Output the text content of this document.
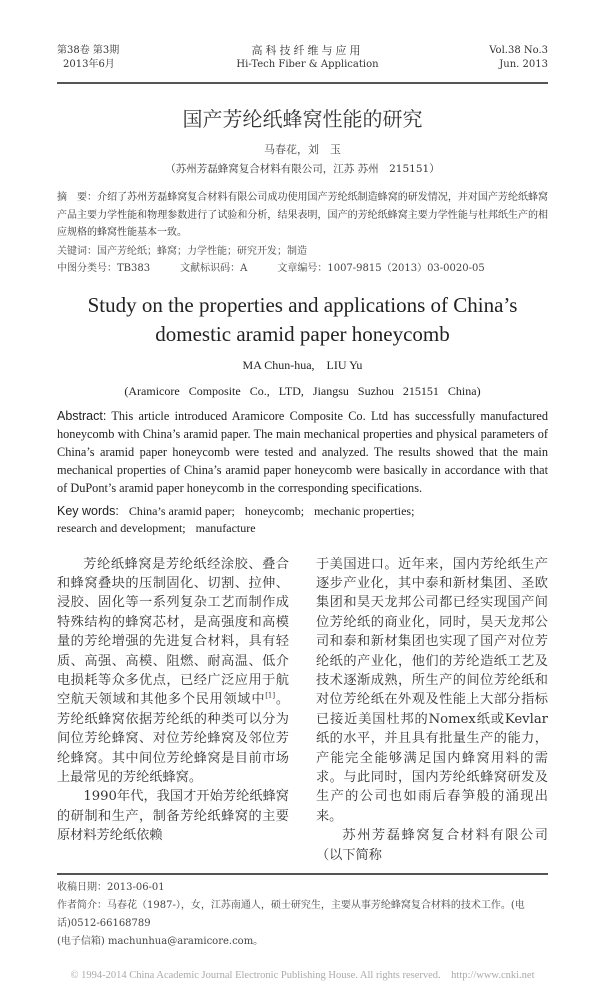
第38卷 第3期
2013年6月
高科技纤维与应用
Hi-Tech Fiber & Application
Vol.38 No.3
Jun. 2013
国产芳纶纸蜂窝性能的研究
马春花，刘　玉
（苏州芳磊蜂窝复合材料有限公司，江苏 苏州　215151）
摘　要：介绍了苏州芳磊蜂窝复合材料有限公司成功使用国产芳纶纸制造蜂窝的研发情况，并对国产芳纶纸蜂窝产品主要力学性能和物理参数进行了试验和分析，结果表明，国产的芳纶纸蜂窝主要力学性能与杜邦纸生产的相应规格的蜂窝性能基本一致。
关键词：国产芳纶纸；蜂窝；力学性能；研究开发；制造
中图分类号：TB383	文献标识码：A	文章编号：1007-9815（2013）03-0020-05
Study on the properties and applications of China’s domestic aramid paper honeycomb
MA Chun-hua,    LIU Yu
(Aramicore Composite Co., LTD, Jiangsu Suzhou 215151 China)
Abstract: This article introduced Aramicore Composite Co. Ltd has successfully manufactured honeycomb with China’s aramid paper. The main mechanical properties and physical parameters of China’s aramid paper honeycomb were tested and analyzed. The results showed that the main mechanical properties of China’s aramid paper honeycomb were basically in accordance with that of DuPont’s aramid paper honeycomb in the corresponding specifications.
Key words: China’s aramid paper; honeycomb; mechanic properties;
research and development; manufacture

芳纶纸蜂窝是芳纶纸经涂胶、叠合和蜂窝叠块的压制固化、切割、拉伸、浸胶、固化等一系列复杂工艺而制作成特殊结构的蜂窝芯材，是高强度和高模量的芳纶增强的先进复合材料，具有轻质、高强、高模、阻燃、耐高温、低介电损耗等众多优点，已经广泛应用于航空航天领域和其他多个民用领域中[1]。芳纶纸蜂窝依据芳纶纸的种类可以分为间位芳纶蜂窝、对位芳纶蜂窝及邻位芳纶蜂窝。其中间位芳纶蜂窝是目前市场上最常见的芳纶纸蜂窝。

1990年代，我国才开始芳纶纸蜂窝的研制和生产，制备芳纶纸蜂窝的主要原材料芳纶纸依赖

于美国进口。近年来，国内芳纶纸生产逐步产业化，其中泰和新材集团、圣欧集团和昊天龙邦公司都已经实现国产间位芳纶纸的商业化，同时，昊天龙邦公司和泰和新材集团也实现了国产对位芳纶纸的产业化，他们的芳纶造纸工艺及技术逐渐成熟，所生产的间位芳纶纸和对位芳纶纸在外观及性能上大部分指标已接近美国杜邦的Nomex纸或Kevlar纸的水平，并且具有批量生产的能力，产能完全能够满足国内蜂窝用料的需求。与此同时，国内芳纶纸蜂窝研发及生产的公司也如雨后春笋般的涌现出来。

苏州芳磊蜂窝复合材料有限公司（以下简称

收稿日期：2013-06-01
作者简介：马春花（1987-），女，江苏南通人，硕士研究生，主要从事芳纶蜂窝复合材料的技术工作。(电话)0512-66168789
(电子信箱) machunhua@aramicore.com。
© 1994-2014 China Academic Journal Electronic Publishing House. All rights reserved.    http://www.cnki.net
